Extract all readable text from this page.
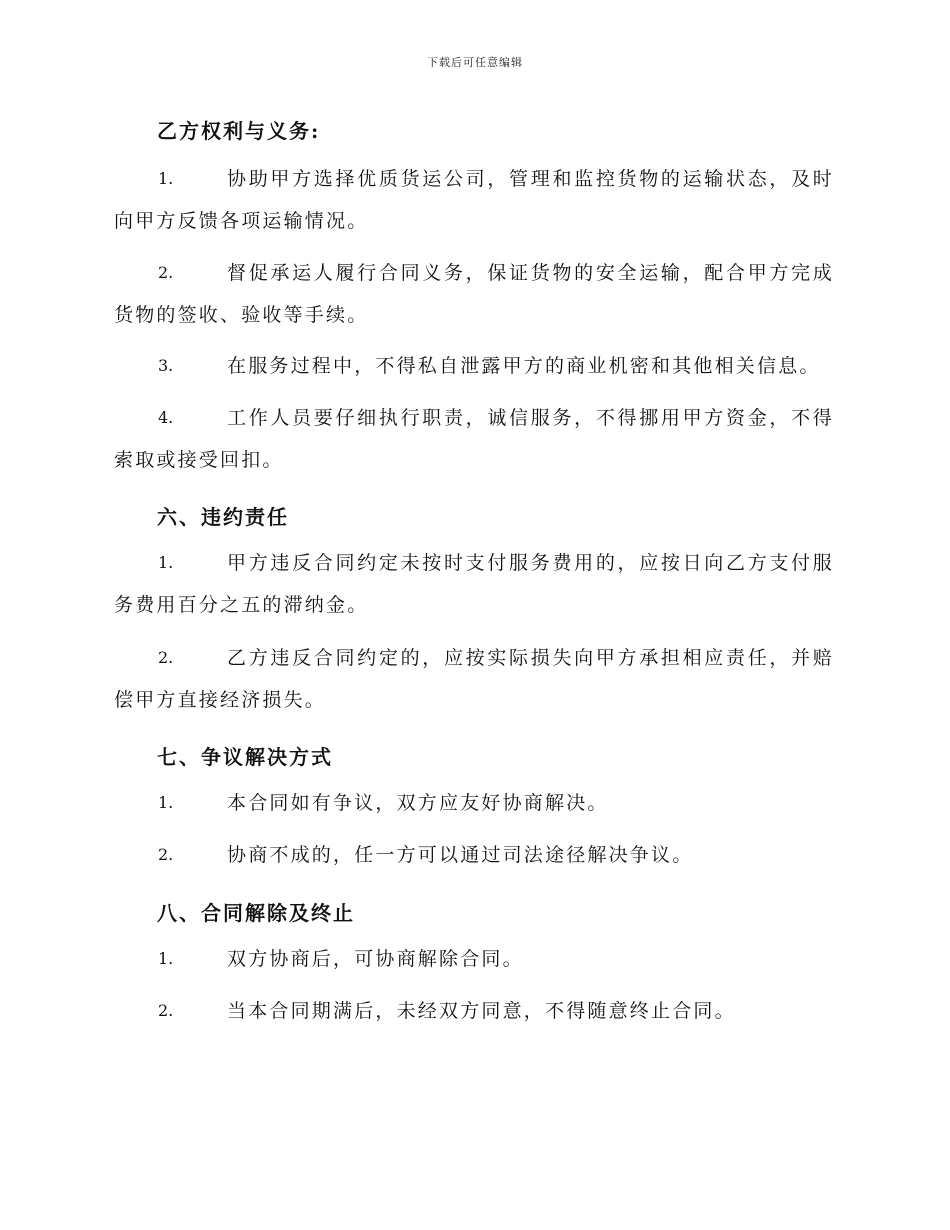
下载后可任意编辑
乙方权利与义务:
1.	协助甲方选择优质货运公司，管理和监控货物的运输状态，及时向甲方反馈各项运输情况。
2.	督促承运人履行合同义务，保证货物的安全运输，配合甲方完成货物的签收、验收等手续。
3.	在服务过程中，不得私自泄露甲方的商业机密和其他相关信息。
4.	工作人员要仔细执行职责，诚信服务，不得挪用甲方资金，不得索取或接受回扣。
六、违约责任
1.	甲方违反合同约定未按时支付服务费用的，应按日向乙方支付服务费用百分之五的滞纳金。
2.	乙方违反合同约定的，应按实际损失向甲方承担相应责任，并赔偿甲方直接经济损失。
七、争议解决方式
1.	本合同如有争议，双方应友好协商解决。
2.	协商不成的，任一方可以通过司法途径解决争议。
八、合同解除及终止
1.	双方协商后，可协商解除合同。
2.	当本合同期满后，未经双方同意，不得随意终止合同。
